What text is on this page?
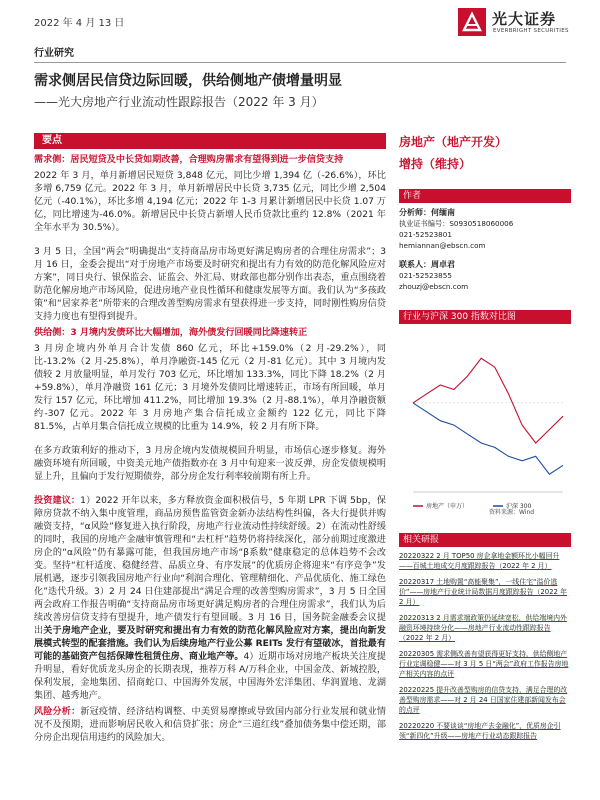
2022 年 4 月 13 日	光大证券
EVERBRIGHT SECURITIES
行业研究
需求侧居民信贷边际回暖，供给侧地产债增量明显
——光大房地产行业流动性跟踪报告（2022 年 3 月）
要点

需求侧：居民短贷及中长贷如期改善，合理购房需求有望得到进一步信贷支持

2022 年 3 月，单月新增居民短贷 3,848 亿元，同比少增 1,394 亿（-26.6%），环比多增 6,759 亿元。2022 年 3 月，单月新增居民中长贷 3,735 亿元，同比少增 2,504 亿元（-40.1%），环比多增 4,194 亿元；2022 年 1-3 月累计新增居民中长贷 1.07 万亿，同比增速为-46.0%。新增居民中长贷占新增人民币贷款比重约 12.8%（2021 年全年水平为 30.5%）。

3 月 5 日，全国“两会”明确提出“支持商品房市场更好满足购房者的合理住房需求”；3 月 16 日，金委会提出“对于房地产市场要及时研究和提出有力有效的防范化解风险应对方案”，同日央行、银保监会、证监会、外汇局、财政部也都分别作出表态，重点围绕着防范化解房地产市场风险，促进房地产业良性循环和健康发展等方面。我们认为“多孩政策”和“居家养老”所带来的合理改善型购房需求有望获得进一步支持，同时刚性购房信贷支持力度也有望得到提升。

供给侧：3 月境内发债环比大幅增加，海外债发行回暖同比降速转正

3 月房企境内外单月合计发债 860 亿元，环比+159.0%（2 月-29.2%），同比-13.2%（2 月-25.8%），单月净融资-145 亿元（2 月-81 亿元）。其中 3 月境内发债较 2 月放量明显，单月发行 703 亿元，环比增加 133.3%，同比下降 18.2%（2 月+59.8%），单月净融资 161 亿元；3 月境外发债同比增速转正，市场有所回暖，单月发行 157 亿元，环比增加 411.2%，同比增加 19.3%（2 月-88.1%），单月净融资额约-307 亿元。2022 年 3 月房地产集合信托成立金额约 122 亿元，同比下降 81.5%，占单月集合信托成立规模的比重为 14.9%，较 2 月有所下降。

在多方政策利好的推动下，3 月房企境内发债规模回升明显，市场信心逐步修复。海外融资环境有所回暖，中资美元地产债指数亦在 3 月中旬迎来一波反弹，房企发债规模明显上升，且偏向于发行短期债券，部分房企发行利率较前期有所上升。

投资建议：1）2022 开年以来，多方释放资金面积极信号，5 年期 LPR 下调 5bp，保障房贷款不纳入集中度管理，商品房预售监管资金新办法结构性纠偏，各大行提供并购融资支持，“α风险”修复进入执行阶段，房地产行业流动性持续舒缓。2）在流动性舒缓的同时，我国的房地产金融审慎管理和“去杠杆”趋势仍将持续深化，部分前期过度激进房企的“α风险”仍有暴露可能，但我国房地产市场“β系数”健康稳定的总体趋势不会改变。坚持“杠杆适度、稳健经营、品质立身、有序发展”的优质房企将迎来“有序竞争”发展机遇，逐步引领我国房地产行业向“利润合理化、管理精细化、产品优质化、施工绿色化”迭代升级。3）2 月 24 日住建部提出“满足合理的改善型购房需求”，3 月 5 日全国两会政府工作报告明确“支持商品房市场更好满足购房者的合理住房需求”，我们认为后续改善房信贷支持有望提升，地产债发行有望回暖。3 月 16 日，国务院金融委会议提出关于房地产企业，要及时研究和提出有力有效的防范化解风险应对方案，提出向新发展模式转型的配套措施。我们认为后续房地产行业公募 REITs 发行有望破冰，首批最有可能的基础资产包括保障性租赁住房、商业地产等。4）近期市场对房地产板块关注度提升明显，看好优质龙头房企的长期表现，推荐万科 A/万科企业，中国金茂、新城控股，保利发展，金地集团、招商蛇口、中国海外发展，中国海外宏洋集团、华润置地、龙湖集团、越秀地产。

风险分析：新冠疫情、经济结构调整、中美贸易摩擦或导致国内部分行业发展和就业情况不及预期，进而影响居民收入和信贷扩张；房企“三道红线”叠加债务集中偿还期，部分房企出现信用违约的风险加大。

房地产（地产开发）
增持（维持）
作者
分析师：何缅南
执业证书编号：S0930518060006
021-52523801
hemiannan@ebscn.com
联系人：周卓君
021-52523855
zhouzj@ebscn.com
行业与沪深 300 指数对比图
房地产（申万）	沪深 300
资料来源：Wind
相关研报
20220322 2 月 TOP50 房企拿地金额环比小幅回升——百城土地成交月度跟踪报告（2022 年 2 月）
20220317 土地购置“高能聚集”，一线住宅“溢价逃价”——房地产行业统计局数据月度跟踪报告（2022 年 2 月）
20220313 2 月需求端政策仍延续宽松，供给端境内外融资环境持续分化——房地产行业流动性跟踪报告（2022 年 2 月）
20220305 需求侧改善有望获得更好支持，供给侧地产行业定调稳健——对 3 月 5 日“两会”政府工作报告房地产相关内容的点评
20220225 提升改善型购房的信贷支持，满足合理的改善型购房需求——对 2 月 24 日国家住建部新闻发布会的点评
20220220 不要谈谈“房地产去金融化”，优质房企引领“新四化”升级——房地产行业动态跟踪报告
